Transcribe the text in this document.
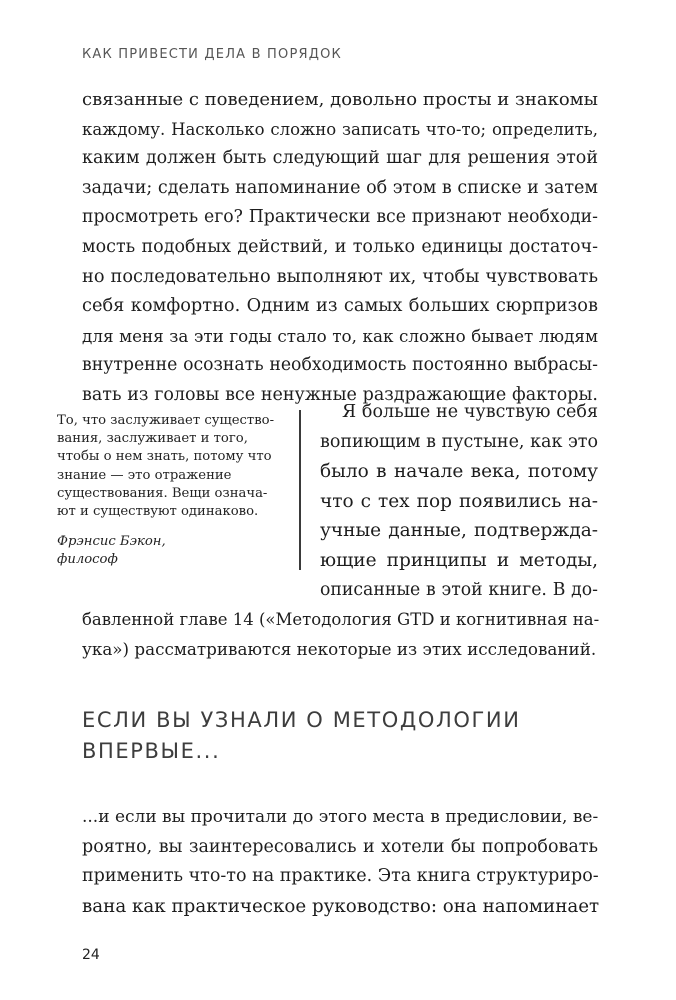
КАК ПРИВЕСТИ ДЕЛА В ПОРЯДОК
связанные с поведением, довольно просты и знакомы
каждому. Насколько сложно записать что-то; определить,
каким должен быть следующий шаг для решения этой
задачи; сделать напоминание об этом в списке и затем
просмотреть его? Практически все признают необходи-
мость подобных действий, и только единицы достаточ-
но последовательно выполняют их, чтобы чувствовать
себя комфортно. Одним из самых больших сюрпризов
для меня за эти годы стало то, как сложно бывает людям
внутренне осознать необходимость постоянно выбрасы-
вать из головы все ненужные раздражающие факторы.
То, что заслуживает существо-
вания, заслуживает и того,
чтобы о нем знать, потому что
знание — это отражение
существования. Вещи означа-
ют и существуют одинаково.
Фрэнсис Бэкон,
философ
Я больше не чувствую себя
вопиющим в пустыне, как это
было в начале века, потому
что с тех пор появились на-
учные данные, подтвержда-
ющие принципы и методы,
описанные в этой книге. В до-
бавленной главе 14 («Методология GTD и когнитивная на-
ука») рассматриваются некоторые из этих исследований.
ЕСЛИ ВЫ УЗНАЛИ О МЕТОДОЛОГИИ
ВПЕРВЫЕ...
...и если вы прочитали до этого места в предисловии, ве-
роятно, вы заинтересовались и хотели бы попробовать
применить что-то на практике. Эта книга структуриро-
вана как практическое руководство: она напоминает
24
